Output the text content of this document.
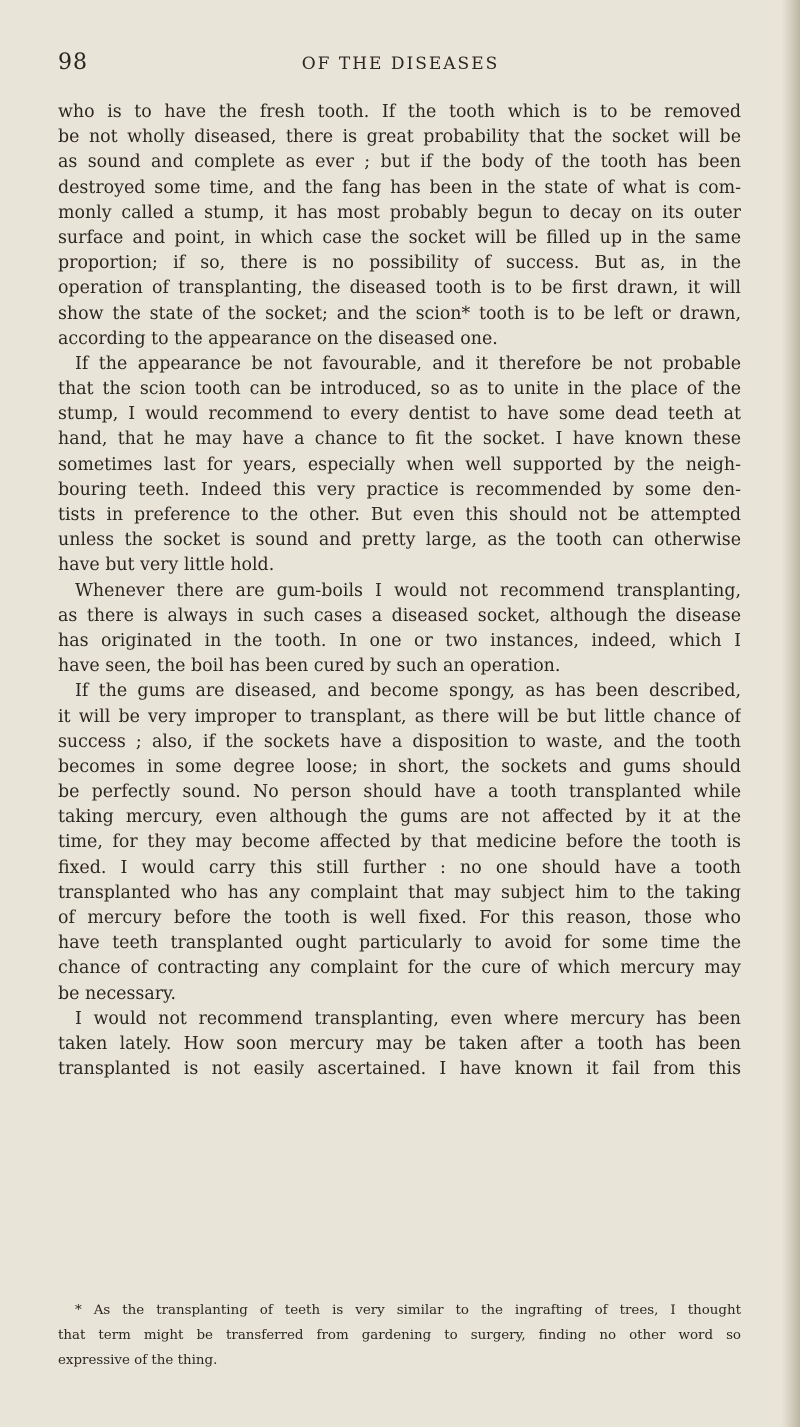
98	OF THE DISEASES
who is to have the fresh tooth. If the tooth which is to be removed
be not wholly diseased, there is great probability that the socket will be
as sound and complete as ever ; but if the body of the tooth has been
destroyed some time, and the fang has been in the state of what is com-
monly called a stump, it has most probably begun to decay on its outer
surface and point, in which case the socket will be filled up in the same
proportion; if so, there is no possibility of success. But as, in the
operation of transplanting, the diseased tooth is to be first drawn, it will
show the state of the socket; and the scion* tooth is to be left or drawn,
according to the appearance on the diseased one.
If the appearance be not favourable, and it therefore be not probable
that the scion tooth can be introduced, so as to unite in the place of the
stump, I would recommend to every dentist to have some dead teeth at
hand, that he may have a chance to fit the socket. I have known these
sometimes last for years, especially when well supported by the neigh-
bouring teeth. Indeed this very practice is recommended by some den-
tists in preference to the other. But even this should not be attempted
unless the socket is sound and pretty large, as the tooth can otherwise
have but very little hold.
Whenever there are gum-boils I would not recommend transplanting,
as there is always in such cases a diseased socket, although the disease
has originated in the tooth. In one or two instances, indeed, which I
have seen, the boil has been cured by such an operation.
If the gums are diseased, and become spongy, as has been described,
it will be very improper to transplant, as there will be but little chance of
success ; also, if the sockets have a disposition to waste, and the tooth
becomes in some degree loose; in short, the sockets and gums should
be perfectly sound. No person should have a tooth transplanted while
taking mercury, even although the gums are not affected by it at the
time, for they may become affected by that medicine before the tooth is
fixed. I would carry this still further : no one should have a tooth
transplanted who has any complaint that may subject him to the taking
of mercury before the tooth is well fixed. For this reason, those who
have teeth transplanted ought particularly to avoid for some time the
chance of contracting any complaint for the cure of which mercury may
be necessary.
I would not recommend transplanting, even where mercury has been
taken lately. How soon mercury may be taken after a tooth has been
transplanted is not easily ascertained. I have known it fail from this
* As the transplanting of teeth is very similar to the ingrafting of trees, I thought
that term might be transferred from gardening to surgery, finding no other word so
expressive of the thing.
